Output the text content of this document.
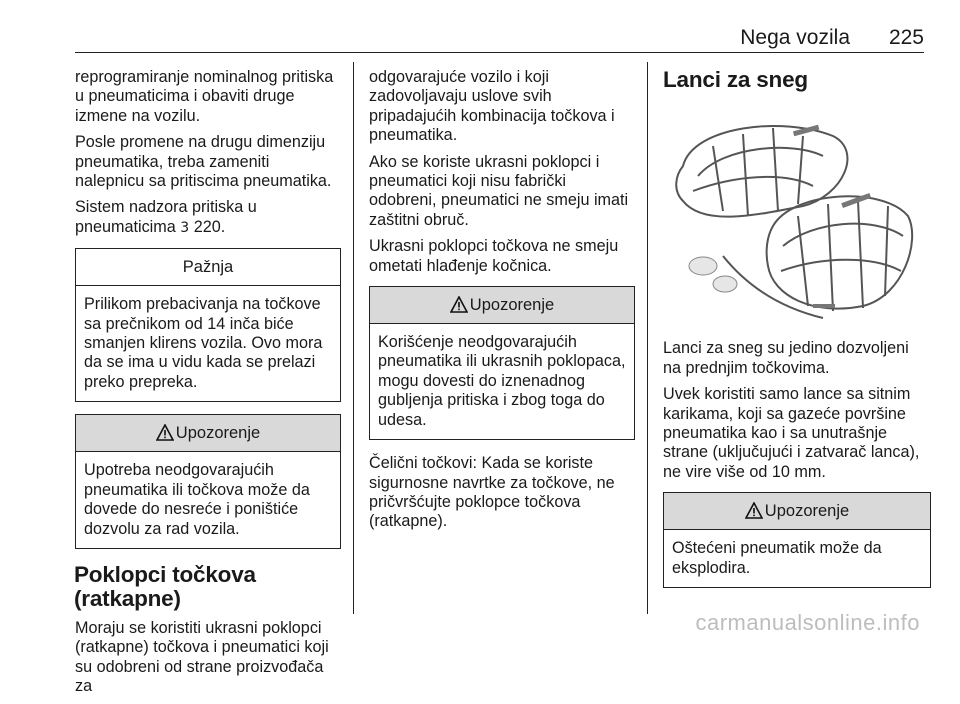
Nega vozila 225

reprogramiranje nominalnog pritiska u pneumaticima i obaviti druge izmene na vozilu.

Posle promene na drugu dimenziju pneumatika, treba zameniti nalepnicu sa pritiscima pneumatika.

Sistem nadzora pritiska u pneumaticima 3 220.

Pažnja
Prilikom prebacivanja na točkove sa prečnikom od 14 inča biće smanjen klirens vozila. Ovo mora da se ima u vidu kada se prelazi preko prepreka.
Upozorenje
Upotreba neodgovarajućih pneumatika ili točkova može da dovede do nesreće i poništiće dozvolu za rad vozila.
Poklopci točkova (ratkapne)

Moraju se koristiti ukrasni poklopci (ratkapne) točkova i pneumatici koji su odobreni od strane proizvođača za

odgovarajuće vozilo i koji zadovoljavaju uslove svih pripadajućih kombinacija točkova i pneumatika.

Ako se koriste ukrasni poklopci i pneumatici koji nisu fabrički odobreni, pneumatici ne smeju imati zaštitni obruč.

Ukrasni poklopci točkova ne smeju ometati hlađenje kočnica.

Upozorenje
Korišćenje neodgovarajućih pneumatika ili ukrasnih poklopaca, mogu dovesti do iznenadnog gubljenja pritiska i zbog toga do udesa.

Čelični točkovi: Kada se koriste sigurnosne navrtke za točkove, ne pričvršćujte poklopce točkova (ratkapne).

Lanci za sneg

Lanci za sneg su jedino dozvoljeni na prednjim točkovima.

Uvek koristiti samo lance sa sitnim karikama, koji sa gazeće površine pneumatika kao i sa unutrašnje strane (uključujući i zatvarač lanca), ne vire više od 10 mm.

Upozorenje
Oštećeni pneumatik može da eksplodira.
carmanualsonline.info
